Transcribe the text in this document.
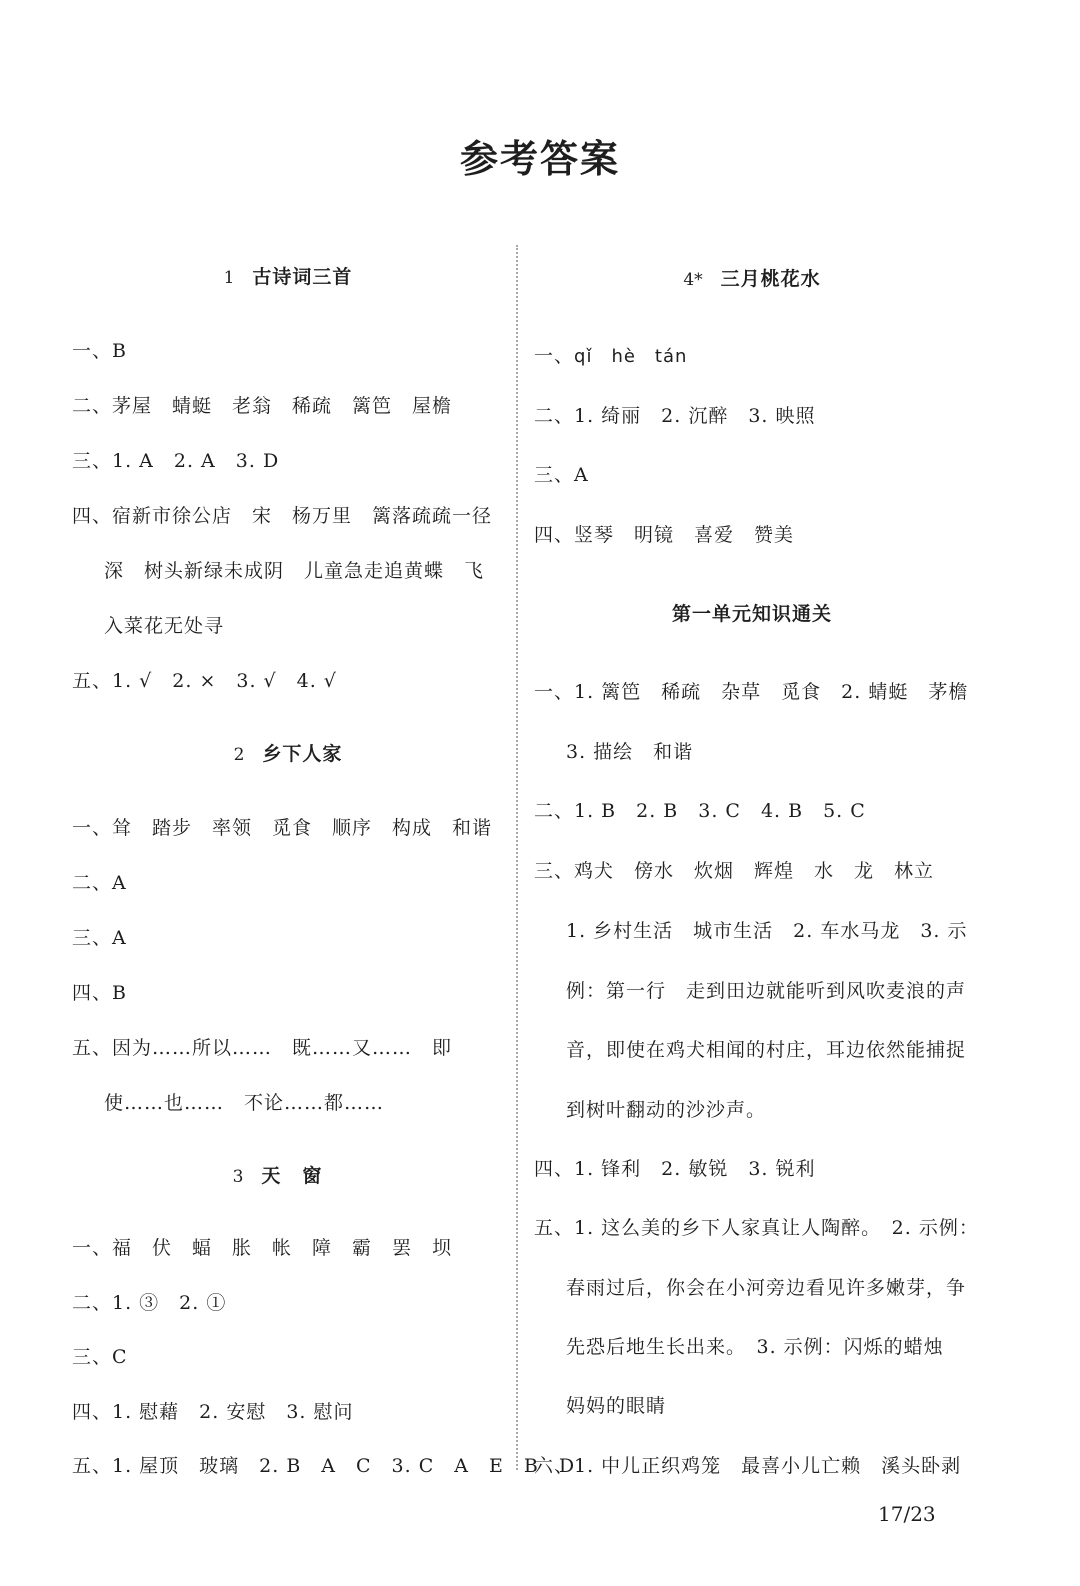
参考答案
1 古诗词三首
一、B
二、茅屋　蜻蜓　老翁　稀疏　篱笆　屋檐
三、1. A　2. A　3. D
四、宿新市徐公店　宋　杨万里　篱落疏疏一径
深　树头新绿未成阴　儿童急走追黄蝶　飞
入菜花无处寻
五、1. √　2. ×　3. √　4. √
2 乡下人家
一、耸　踏步　率领　觅食　顺序　构成　和谐
二、A
三、A
四、B
五、因为……所以……　既……又……　即
使……也……　不论……都……
3 天窗
一、福　伏　蝠　胀　帐　障　霸　罢　坝
二、1. ③　2. ①
三、C
四、1. 慰藉　2. 安慰　3. 慰问
五、1. 屋顶　玻璃　2. B　A　C　3. C　A　E　B　D
4* 三月桃花水
一、qǐ　hè　tán
二、1. 绮丽　2. 沉醉　3. 映照
三、A
四、竖琴　明镜　喜爱　赞美
第一单元知识通关
一、1. 篱笆　稀疏　杂草　觅食　2. 蜻蜓　茅檐
3. 描绘　和谐
二、1. B　2. B　3. C　4. B　5. C
三、鸡犬　傍水　炊烟　辉煌　水　龙　林立
1. 乡村生活　城市生活　2. 车水马龙　3. 示
例：第一行　走到田边就能听到风吹麦浪的声
音，即使在鸡犬相闻的村庄，耳边依然能捕捉
到树叶翻动的沙沙声。
四、1. 锋利　2. 敏锐　3. 锐利
五、1. 这么美的乡下人家真让人陶醉。　2. 示例：
春雨过后，你会在小河旁边看见许多嫩芽，争
先恐后地生长出来。　3. 示例：闪烁的蜡烛
妈妈的眼睛
六、1. 中儿正织鸡笼　最喜小儿亡赖　溪头卧剥
17/23
